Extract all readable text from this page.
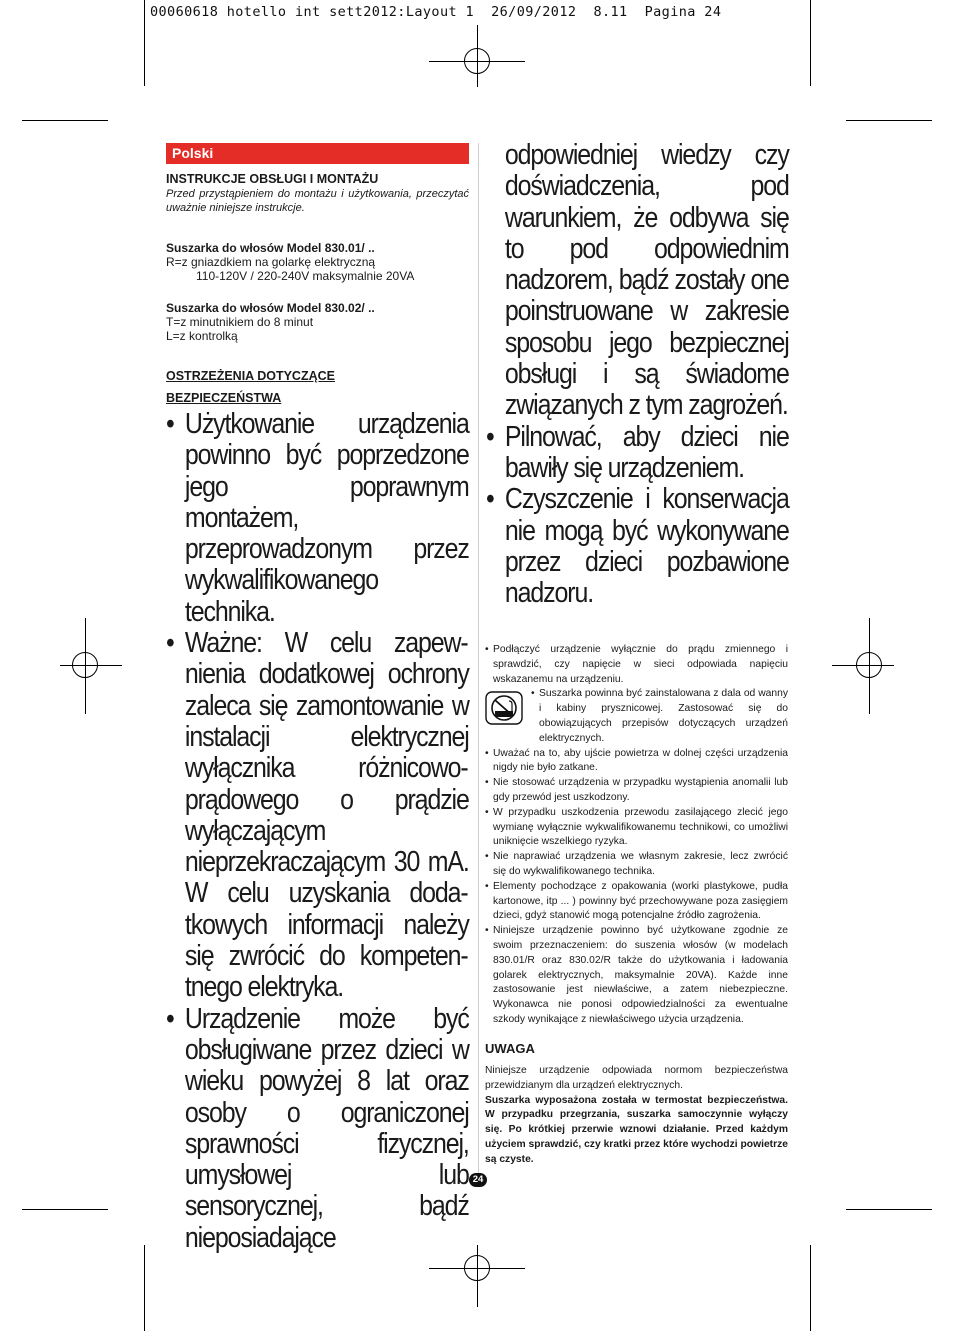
00060618 hotello int sett2012:Layout 1  26/09/2012  8.11  Pagina 24
Polski
INSTRUKCJE OBSŁUGI I MONTAŻU
Przed przystąpieniem do montażu i użytkowania, przeczytać uważnie niniejsze instrukcje.
Suszarka do włosów Model 830.01/ ..
R=z gniazdkiem na golarkę elektryczną
110-120V / 220-240V maksymalnie 20VA
Suszarka do włosów Model 830.02/ ..
T=z minutnikiem do 8 minut
L=z kontrolką
OSTRZEŻENIA DOTYCZĄCE
BEZPIECZEŃSTWA
• Użytkowanie urządzenia powinno być poprzedzone jego poprawnym montażem, przeprowadzonym przez wykwalifikowanego technika.
• Ważne: W celu zapewnienia dodatkowej ochrony zaleca się zamontowanie w instalacji elektrycznej wyłącznika różnicowoprądowego o prądzie wyłączającym nieprzekraczającym 30 mA. W celu uzyskania dodatkowych informacji należy się zwrócić do kompetentnego elektryka.
• Urządzenie może być obsługiwane przez dzieci w wieku powyżej 8 lat oraz osoby o ograniczonej sprawności fizycznej, umysłowej lub sensorycznej, bądź nieposiadające
odpowiedniej wiedzy czy doświadczenia, pod warunkiem, że odbywa się to pod odpowiednim nadzorem, bądź zostały one poinstruowane w zakresie sposobu jego bezpiecznej obsługi i są świadome związanych z tym zagrożeń.
• Pilnować, aby dzieci nie bawiły się urządzeniem.
• Czyszczenie i konserwacja nie mogą być wykonywane przez dzieci pozbawione nadzoru.
• Podłączyć urządzenie wyłącznie do prądu zmiennego i sprawdzić, czy napięcie w sieci odpowiada napięciu wskazanemu na urządzeniu.
• Suszarka powinna być zainstalowana z dala od wanny i kabiny prysznicowej. Zastosować się do obowiązujących przepisów dotyczących urządzeń elektrycznych.
• Uważać na to, aby ujście powietrza w dolnej części urządzenia nigdy nie było zatkane.
• Nie stosować urządzenia w przypadku wystąpienia anomalii lub gdy przewód jest uszkodzony.
• W przypadku uszkodzenia przewodu zasilającego zlecić jego wymianę wyłącznie wykwalifikowanemu technikowi, co umożliwi uniknięcie wszelkiego ryzyka.
• Nie naprawiać urządzenia we własnym zakresie, lecz zwrócić się do wykwalifikowanego technika.
• Elementy pochodzące z opakowania (worki plastykowe, pudła kartonowe, itp ... ) powinny być przechowywane poza zasięgiem dzieci, gdyż stanowić mogą potencjalne źródło zagrożenia.
• Niniejsze urządzenie powinno być użytkowane zgodnie ze swoim przeznaczeniem: do suszenia włosów (w modelach 830.01/R oraz 830.02/R także do użytkowania i ładowania golarek elektrycznych, maksymalnie 20VA). Każde inne zastosowanie jest niewłaściwe, a zatem niebezpieczne. Wykonawca nie ponosi odpowiedzialności za ewentualne szkody wynikające z niewłaściwego użycia urządzenia.
UWAGA
Niniejsze urządzenie odpowiada normom bezpieczeństwa przewidzianym dla urządzeń elektrycznych.
Suszarka wyposażona została w termostat bezpieczeństwa. W przypadku przegrzania, suszarka samoczynnie wyłączy się. Po krótkiej przerwie wznowi działanie. Przed każdym użyciem sprawdzić, czy kratki przez które wychodzi powietrze są czyste.
24
